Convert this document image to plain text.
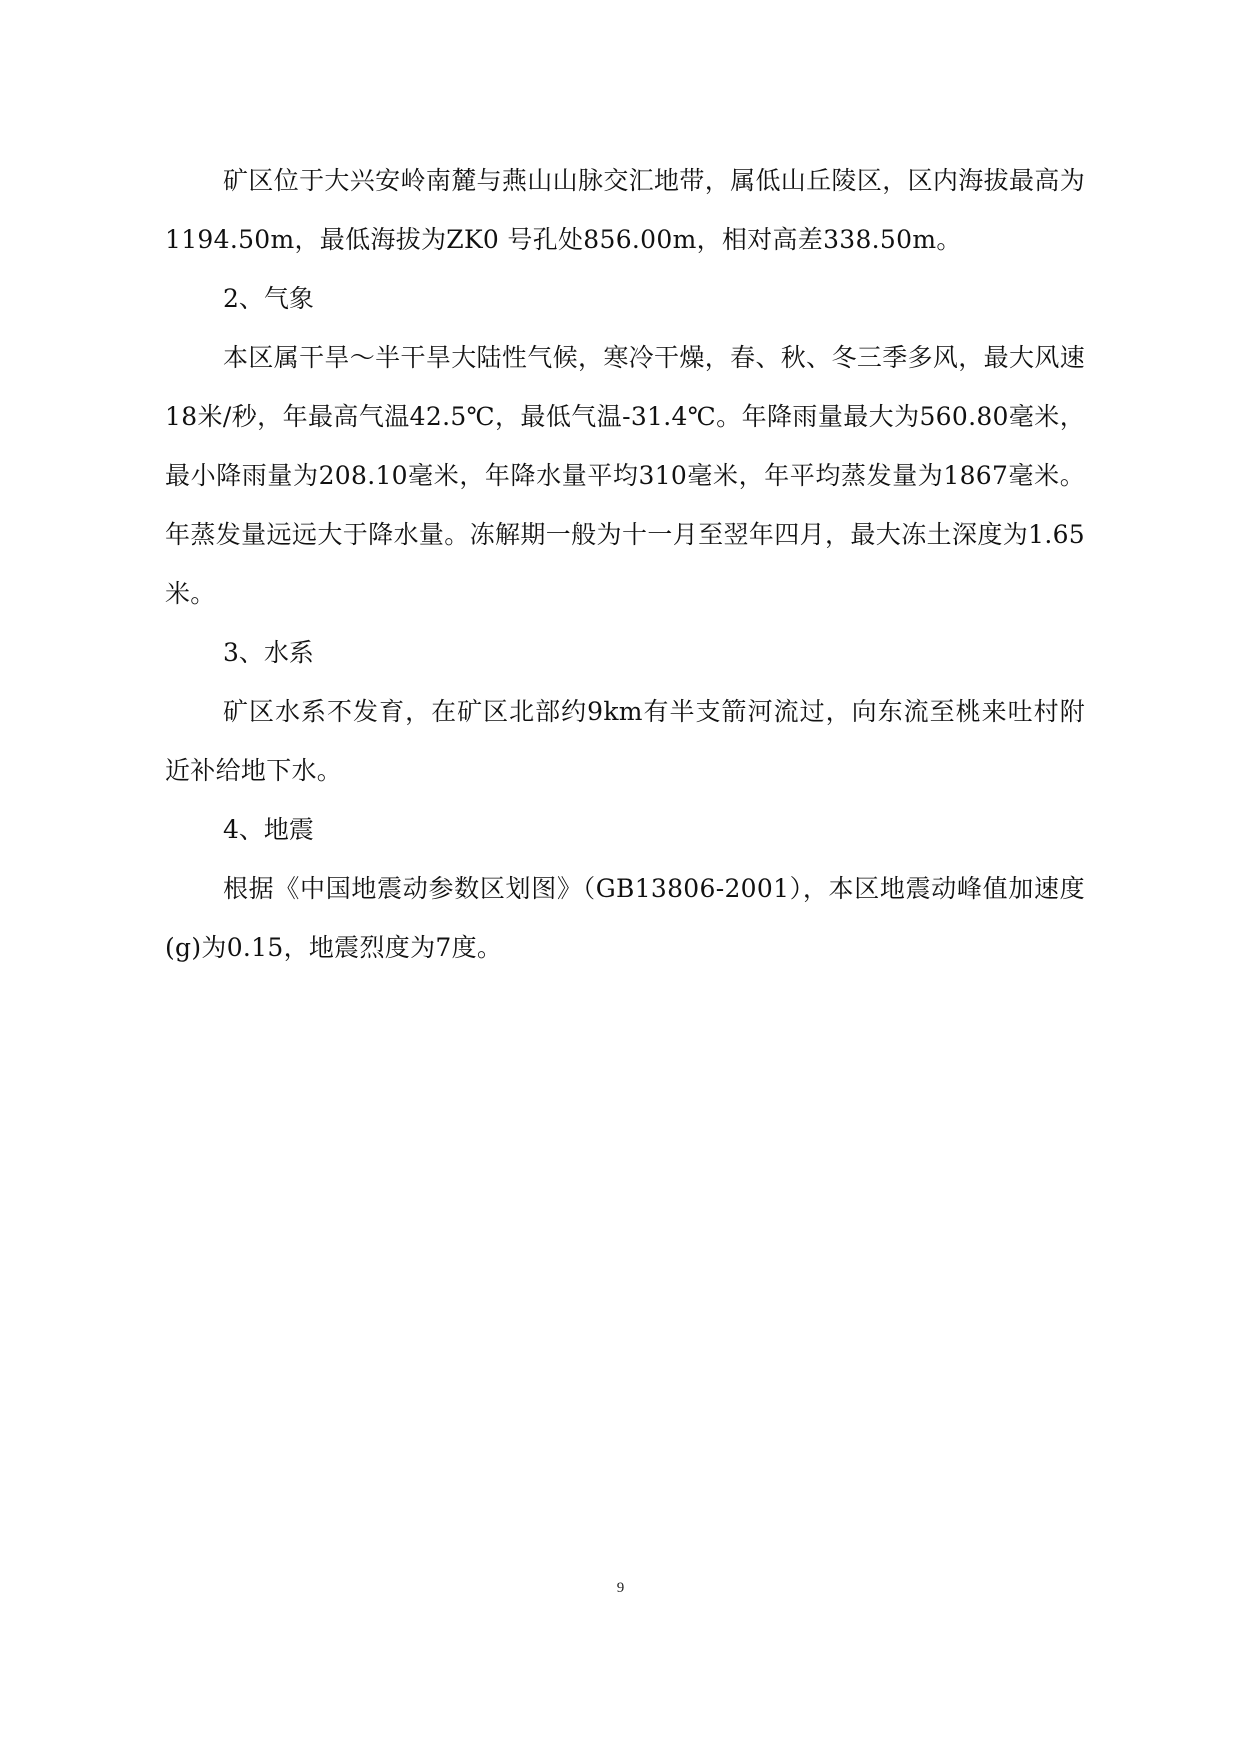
矿区位于大兴安岭南麓与燕山山脉交汇地带，属低山丘陵区，区内海拔最高为1194.50m，最低海拔为ZK0 号孔处856.00m，相对高差338.50m。

2、气象

本区属干旱～半干旱大陆性气候，寒冷干燥，春、秋、冬三季多风，最大风速18米/秒，年最高气温42.5℃，最低气温-31.4℃。年降雨量最大为560.80毫米，最小降雨量为208.10毫米，年降水量平均310毫米，年平均蒸发量为1867毫米。年蒸发量远远大于降水量。冻解期一般为十一月至翌年四月，最大冻土深度为1.65米。

3、水系

矿区水系不发育，在矿区北部约9km有半支箭河流过，向东流至桃来吐村附近补给地下水。

4、地震

根据《中国地震动参数区划图》（GB13806-2001），本区地震动峰值加速度(g)为0.15，地震烈度为7度。

9
